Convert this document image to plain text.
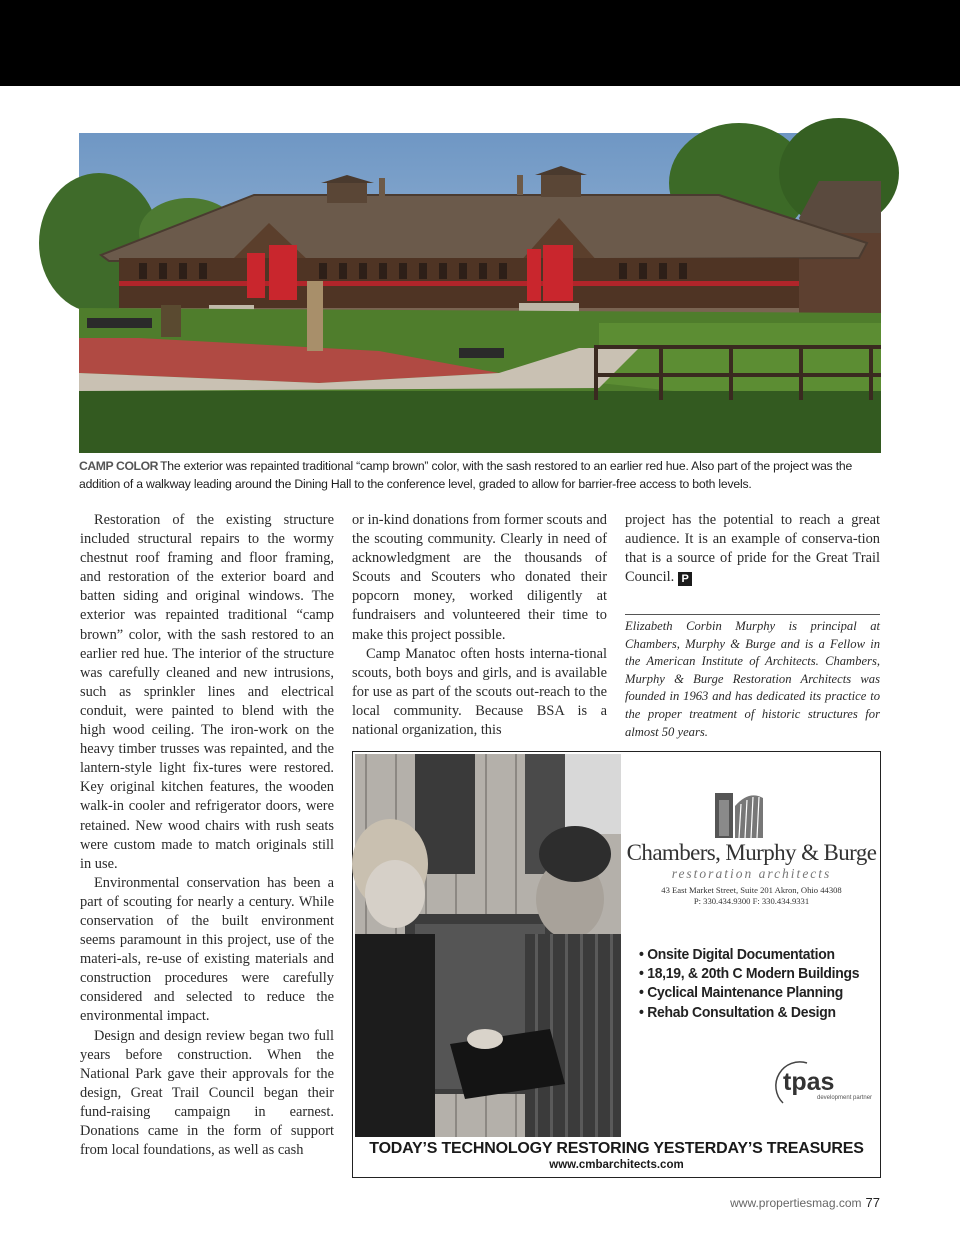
CAMP COLOR The exterior was repainted traditional “camp brown” color, with the sash restored to an earlier red hue. Also part of the project was the addition of a walkway leading around the Dining Hall to the conference level, graded to allow for barrier-free access to both levels.

Restoration of the existing structure included structural repairs to the wormy chestnut roof framing and floor framing, and restoration of the exterior board and batten siding and original windows. The exterior was repainted traditional “camp brown” color, with the sash restored to an earlier red hue. The interior of the structure was carefully cleaned and new intrusions, such as sprinkler lines and electrical conduit, were painted to blend with the high wood ceiling. The iron-work on the heavy timber trusses was repainted, and the lantern-style light fix-tures were restored. Key original kitchen features, the wooden walk-in cooler and refrigerator doors, were retained. New wood chairs with rush seats were custom made to match originals still in use.

Environmental conservation has been a part of scouting for nearly a century. While conservation of the built environment seems paramount in this project, use of the materi-als, re-use of existing materials and construction procedures were carefully considered and selected to reduce the environmental impact.

Design and design review began two full years before construction. When the National Park gave their approvals for the design, Great Trail Council began their fund-raising campaign in earnest. Donations came in the form of support from local foundations, as well as cash

or in-kind donations from former scouts and the scouting community. Clearly in need of acknowledgment are the thousands of Scouts and Scouters who donated their popcorn money, worked diligently at fundraisers and volunteered their time to make this project possible.

Camp Manatoc often hosts interna-tional scouts, both boys and girls, and is available for use as part of the scouts out-reach to the local community. Because BSA is a national organization, this

project has the potential to reach a great audience. It is an example of conserva-tion that is a source of pride for the Great Trail Council. P

Elizabeth Corbin Murphy is principal at Chambers, Murphy & Burge and is a Fellow in the American Institute of Architects. Chambers, Murphy & Burge Restoration Architects was founded in 1963 and has dedicated its practice to the proper treatment of historic structures for almost 50 years.
Chambers, Murphy & Burge
restoration architects
43 East Market Street, Suite 201 Akron, Ohio 44308
P: 330.434.9300 F: 330.434.9331
• Onsite Digital Documentation
• 18,19, & 20th C Modern Buildings
• Cyclical Maintenance Planning
• Rehab Consultation & Design
tpas
development partner
TODAY’S TECHNOLOGY RESTORING YESTERDAY’S TREASURES
www.cmbarchitects.com
www.propertiesmag.com 77
